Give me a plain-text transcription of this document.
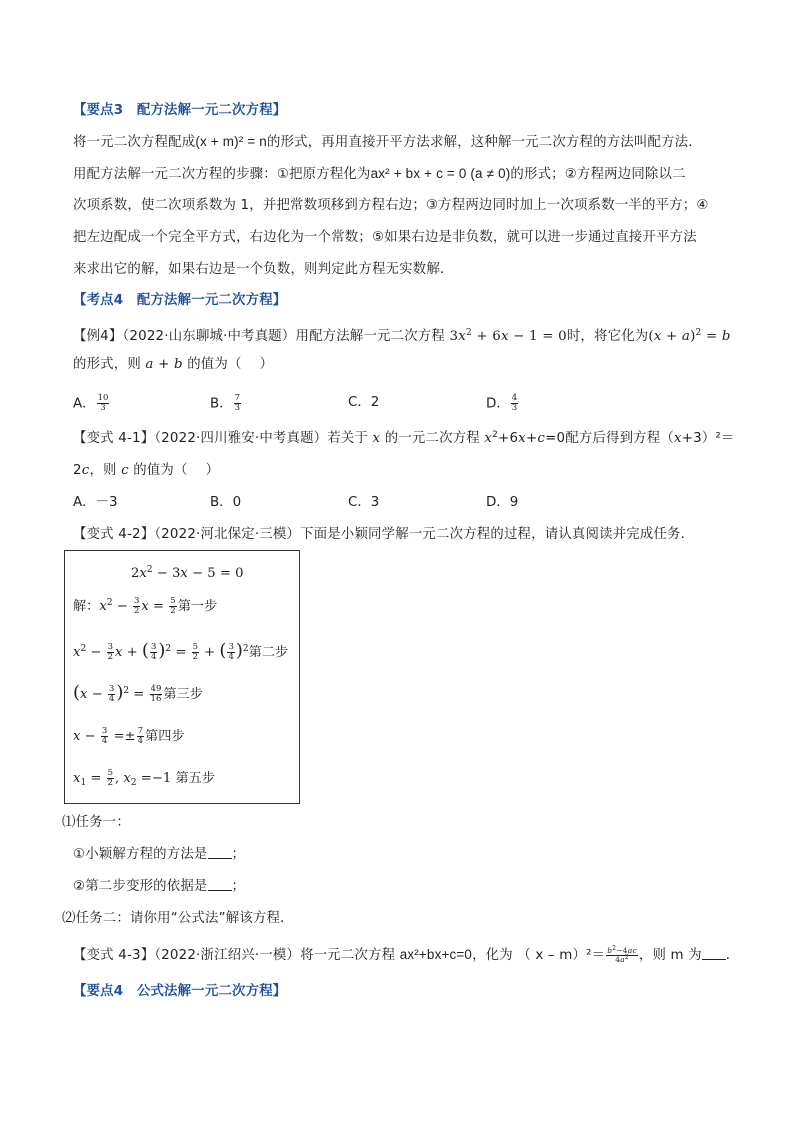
【要点3　配方法解一元二次方程】
将一元二次方程配成(x + m)² = n的形式，再用直接开平方法求解，这种解一元二次方程的方法叫配方法．
用配方法解一元二次方程的步骤：①把原方程化为ax² + bx + c = 0 (a ≠ 0)的形式；②方程两边同除以二
次项系数，使二次项系数为 1，并把常数项移到方程右边；③方程两边同时加上一次项系数一半的平方；④
把左边配成一个完全平方式，右边化为一个常数；⑤如果右边是非负数，就可以进一步通过直接开平方法
来求出它的解，如果右边是一个负数，则判定此方程无实数解．
【考点4　配方法解一元二次方程】
【例4】（2022·山东聊城·中考真题）用配方法解一元二次方程 $3x^2 + 6x - 1 = 0$时，将它化为$(x + a)^2 = b$
的形式，则 a + b 的值为（　 ）
A． $\frac{10}{3}$	B． $\frac{7}{3}$	C．2	D． $\frac{4}{3}$
【变式 4-1】（2022·四川雅安·中考真题）若关于 x 的一元二次方程 $x^2+6x+c=0$配方后得到方程（x+3）²＝
2c，则 c 的值为（　 ）
A．－3	B．0	C．3	D．9
【变式 4-2】（2022·河北保定·三模）下面是小颖同学解一元二次方程的过程，请认真阅读并完成任务．
$2x^2 - 3x - 5 = 0$
解：$x^2 - \frac{3}{2}$ $x = \frac{5}{2}$ 第一步
$x^2 - \frac{3}{2}$ x + ( $\frac{3}{4} )^2 = \frac{5}{2}$ + ( $\frac{3}{4} )^2$第二步
$(x - \frac{3}{4} )^2 = \frac{49}{16}$ 第三步
$x - \frac{3}{4} =\pm \frac{7}{4}$ 第四步
$x_1 = \frac{5}{2}$ , $x_2 =-1$ 第五步
⑴任务一：
①小颖解方程的方法是 ；
②第二步变形的依据是 ；
⑵任务二：请你用“公式法”解该方程．
【变式 4-3】（2022·浙江绍兴·一模）将一元二次方程 ax²+bx+c=0，化为 （ $x - m)^2= \frac{b^2-4ac}{4a^2}$ ，则 m 为 ．
【要点4　公式法解一元二次方程】
